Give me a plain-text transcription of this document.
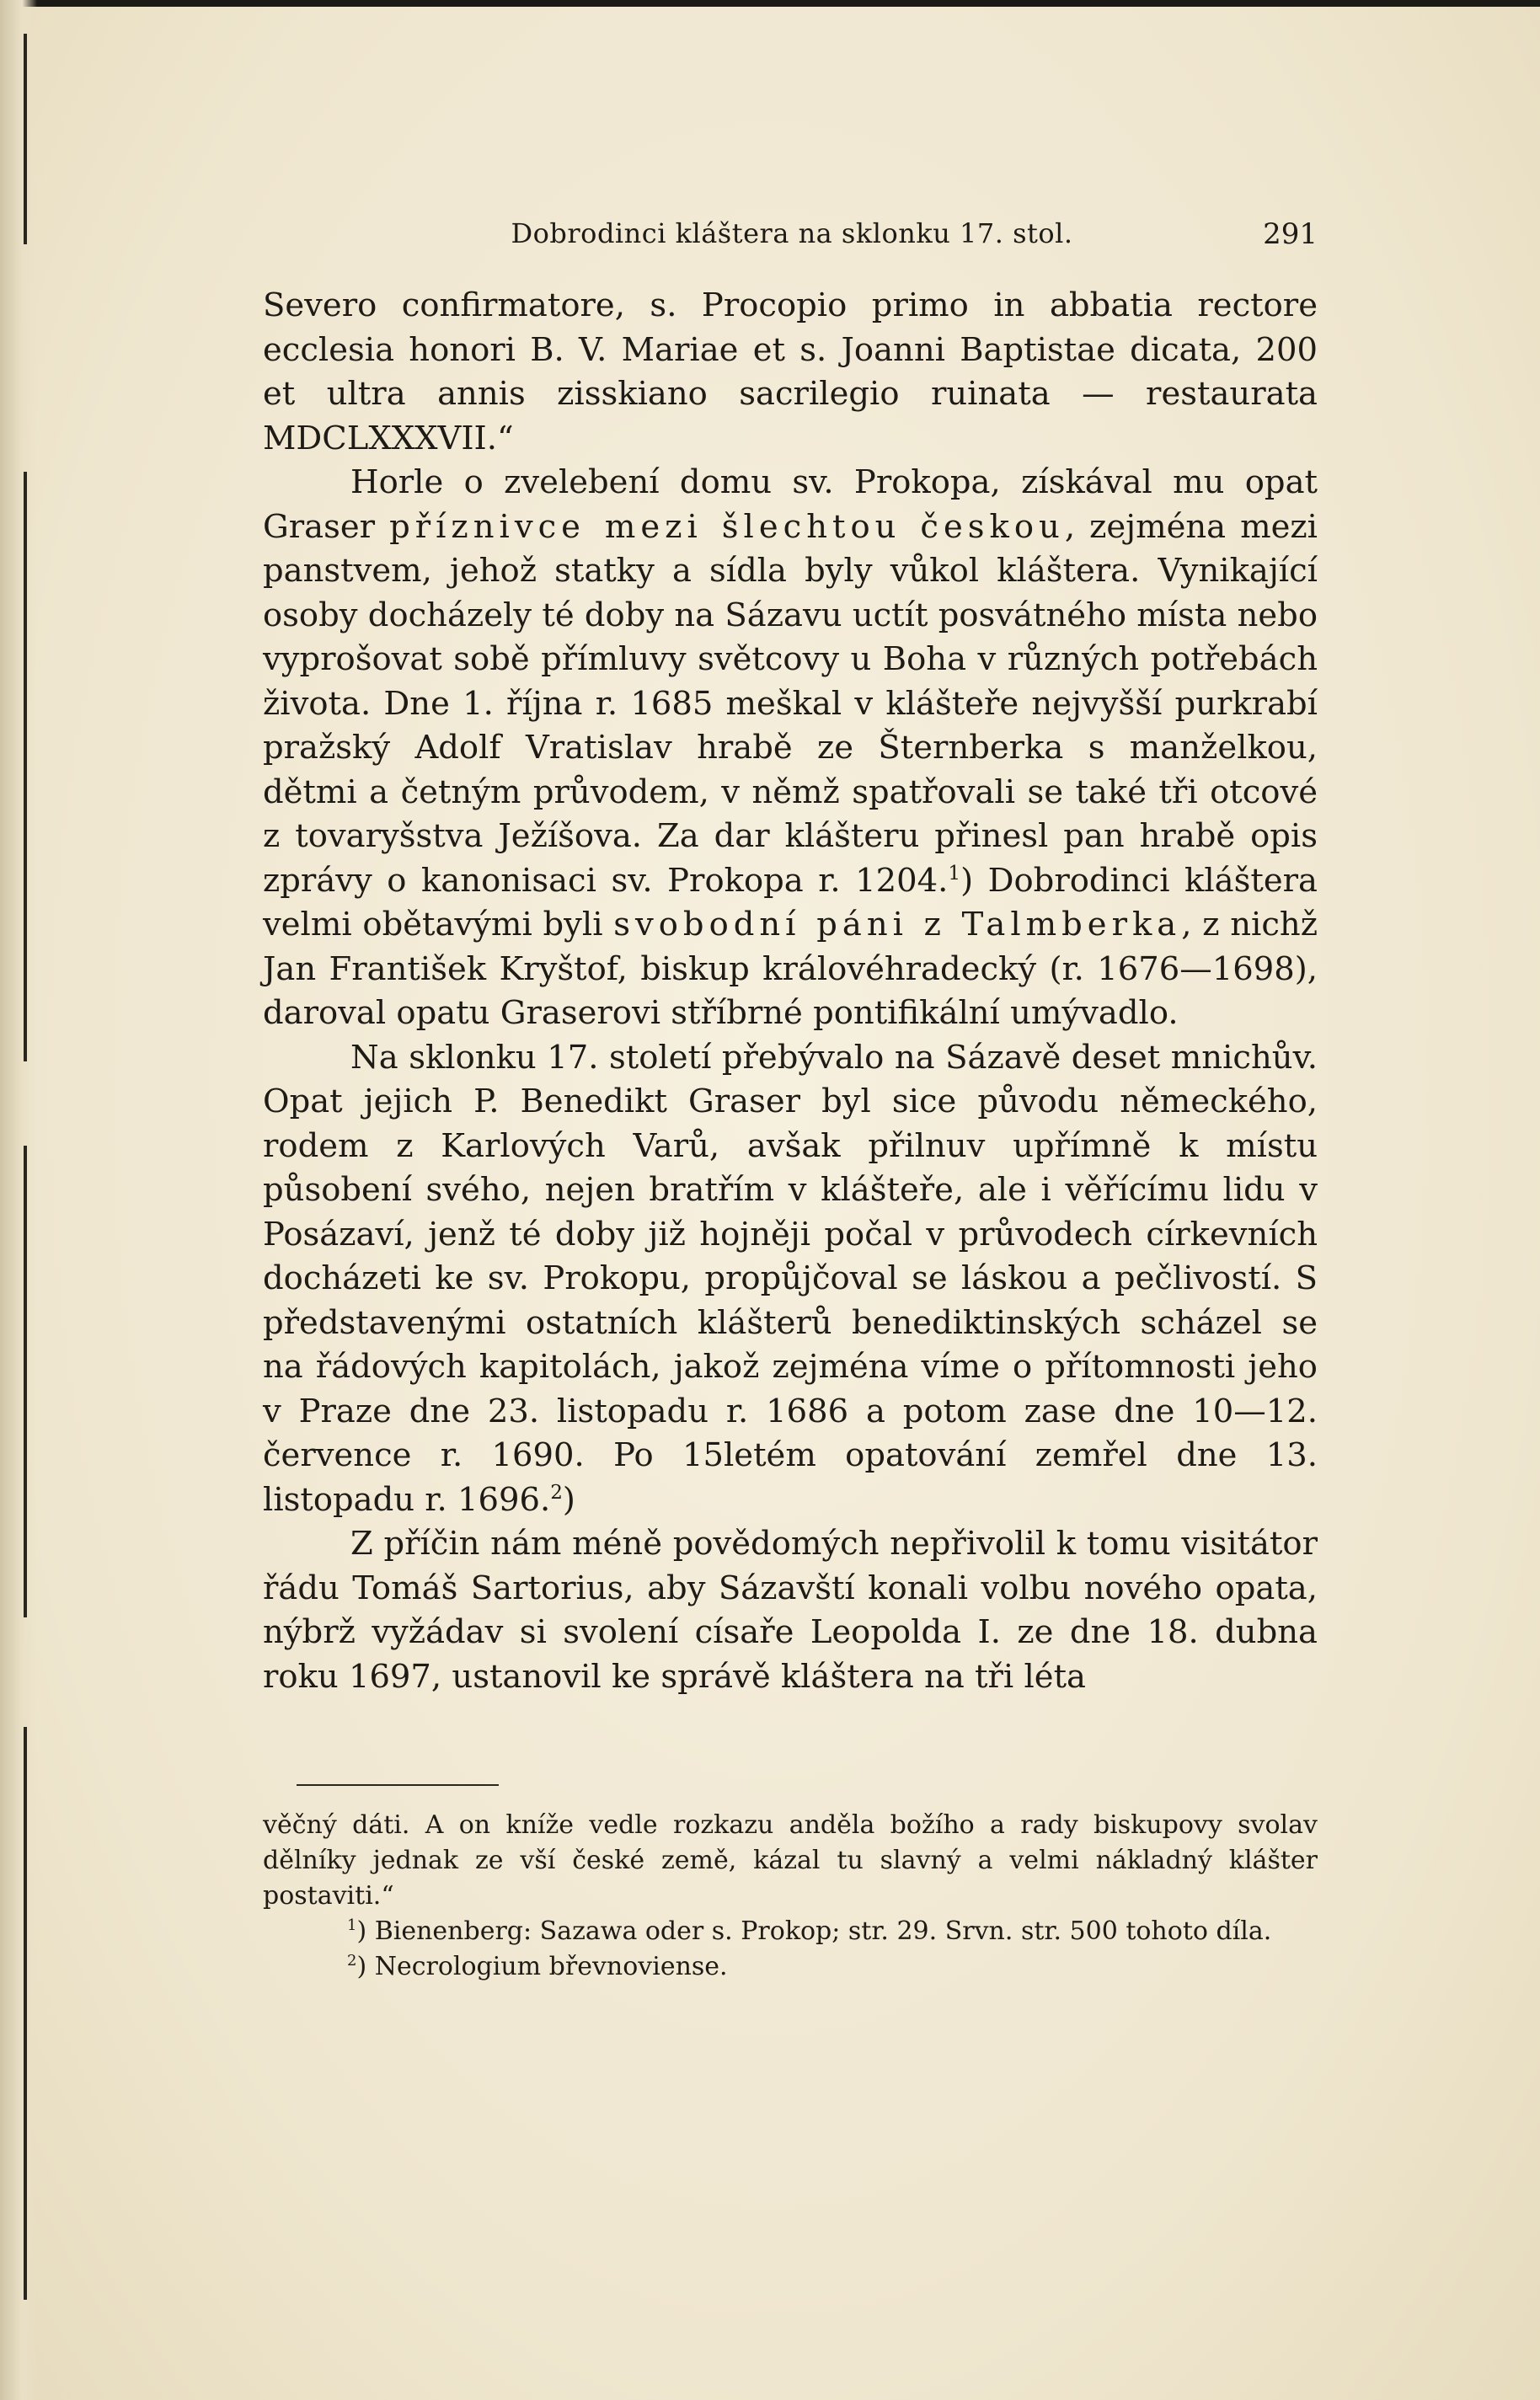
Dobrodinci kláštera na sklonku 17. stol.	291

Severo confirmatore, s. Procopio primo in abbatia rectore ecclesia honori B. V. Mariae et s. Joanni Baptistae dicata, 200 et ultra annis zisskiano sacrilegio ruinata — restaurata MDCLXXXVII.“

Horle o zvelebení domu sv. Prokopa, získával mu opat Graser příznivce mezi šlechtou českou, zejména mezi panstvem, jehož statky a sídla byly vůkol kláštera. Vynikající osoby docházely té doby na Sázavu uctít posvátného místa nebo vyprošovat sobě přímluvy světcovy u Boha v různých potřebách života. Dne 1. října r. 1685 meškal v klášteře nejvyšší purkrabí pražský Adolf Vratislav hrabě ze Šternberka s manželkou, dětmi a četným průvodem, v němž spatřovali se také tři otcové z tovaryšstva Ježíšova. Za dar klášteru přinesl pan hrabě opis zprávy o kanonisaci sv. Prokopa r. 1204.$^1$) Dobrodinci kláštera velmi obětavými byli svobodní páni z Talmberka, z nichž Jan František Kryštof, biskup královéhradecký (r. 1676—1698), daroval opatu Graserovi stříbrné pontifikální umývadlo.

Na sklonku 17. století přebývalo na Sázavě deset mnichův. Opat jejich P. Benedikt Graser byl sice původu německého, rodem z Karlových Varů, avšak přilnuv upřímně k místu působení svého, nejen bratřím v klášteře, ale i věřícímu lidu v Posázaví, jenž té doby již hojněji počal v průvodech církevních docházeti ke sv. Prokopu, propůjčoval se láskou a pečlivostí. S představenými ostatních klášterů benediktinských scházel se na řádových kapitolách, jakož zejména víme o přítomnosti jeho v Praze dne 23. listopadu r. 1686 a potom zase dne 10—12. července r. 1690. Po 15letém opatování zemřel dne 13. listopadu r. 1696.$^2$)

Z příčin nám méně povědomých nepřivolil k tomu visitátor řádu Tomáš Sartorius, aby Sázavští konali volbu nového opata, nýbrž vyžádav si svolení císaře Leopolda I. ze dne 18. dubna roku 1697, ustanovil ke správě kláštera na tři léta

věčný dáti. A on kníže vedle rozkazu anděla božího a rady biskupovy svolav dělníky jednak ze vší české země, kázal tu slavný a velmi nákladný klášter postaviti.“

$^1$) Bienenberg: Sazawa oder s. Prokop; str. 29. Srvn. str. 500 tohoto díla.

$^2$) Necrologium břevnoviense.
